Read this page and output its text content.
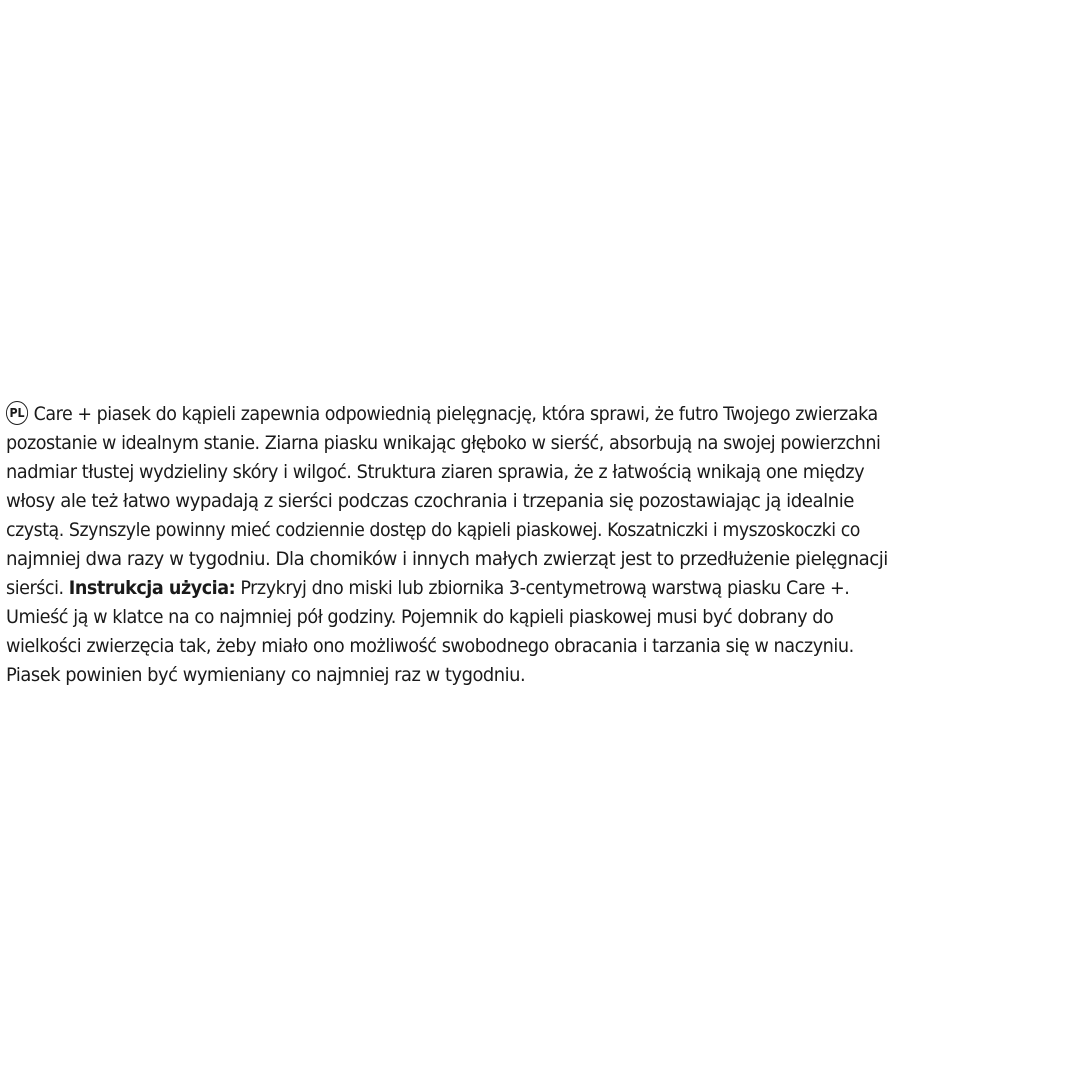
PL Care + piasek do kąpieli zapewnia odpowiednią pielęgnację, która sprawi, że futro Twojego zwierzaka
pozostanie w idealnym stanie. Ziarna piasku wnikając głęboko w sierść, absorbują na swojej powierzchni
nadmiar tłustej wydzieliny skóry i wilgoć. Struktura ziaren sprawia, że z łatwością wnikają one między
włosy ale też łatwo wypadają z sierści podczas czochrania i trzepania się pozostawiając ją idealnie
czystą. Szynszyle powinny mieć codziennie dostęp do kąpieli piaskowej. Koszatniczki i myszoskoczki co
najmniej dwa razy w tygodniu. Dla chomików i innych małych zwierząt jest to przedłużenie pielęgnacji
sierści. Instrukcja użycia: Przykryj dno miski lub zbiornika 3-centymetrową warstwą piasku Care +.
Umieść ją w klatce na co najmniej pół godziny. Pojemnik do kąpieli piaskowej musi być dobrany do
wielkości zwierzęcia tak, żeby miało ono możliwość swobodnego obracania i tarzania się w naczyniu.
Piasek powinien być wymieniany co najmniej raz w tygodniu.
